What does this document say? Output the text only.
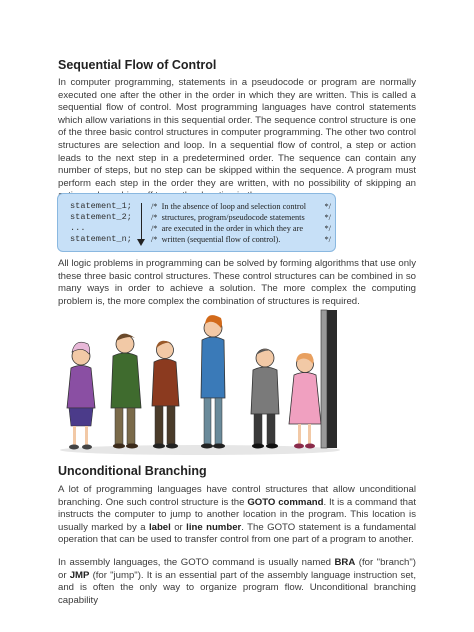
Sequential Flow of Control

In computer programming, statements in a pseudocode or program are normally executed one after the other in the order in which they are written. This is called a sequential flow of control. Most programming languages have control statements which allow variations in this sequential order. The sequence control structure is one of the three basic control structures in computer programming. The other two control structures are selection and loop. In a sequential flow of control, a step or action leads to the next step in a predetermined order. The sequence can contain any number of steps, but no step can be skipped within the sequence. A program must perform each step in the order they are written, with no possibility of skipping an

statement_1;
statement_2;
...
statement_n;
/*
In the absence of loop and selection control	*/
/*
structures, program/pseudocode statements	*/
/*
are executed in the order in which they are	*/
/*
written (sequential flow of control).	*/

All logic problems in programming can be solved by forming algorithms that use only these three basic control structures. These control structures can be combined in so many ways in order to achieve a solution. The more complex the computing problem is, the more complex the combination of structures is required.

Unconditional Branching

A lot of programming languages have control structures that allow unconditional branching. One such control structure is the GOTO command. It is a command that instructs the computer to jump to another location in the program. This location is usually marked by a label or line number. The GOTO statement is a fundamental operation that can be used to transfer control from one part of a program to another.

In assembly languages, the GOTO command is usually named BRA (for "branch") or JMP (for "jump"). It is an essential part of the assembly language instruction set, and is often the only way to organize program flow. Unconditional branching capability
